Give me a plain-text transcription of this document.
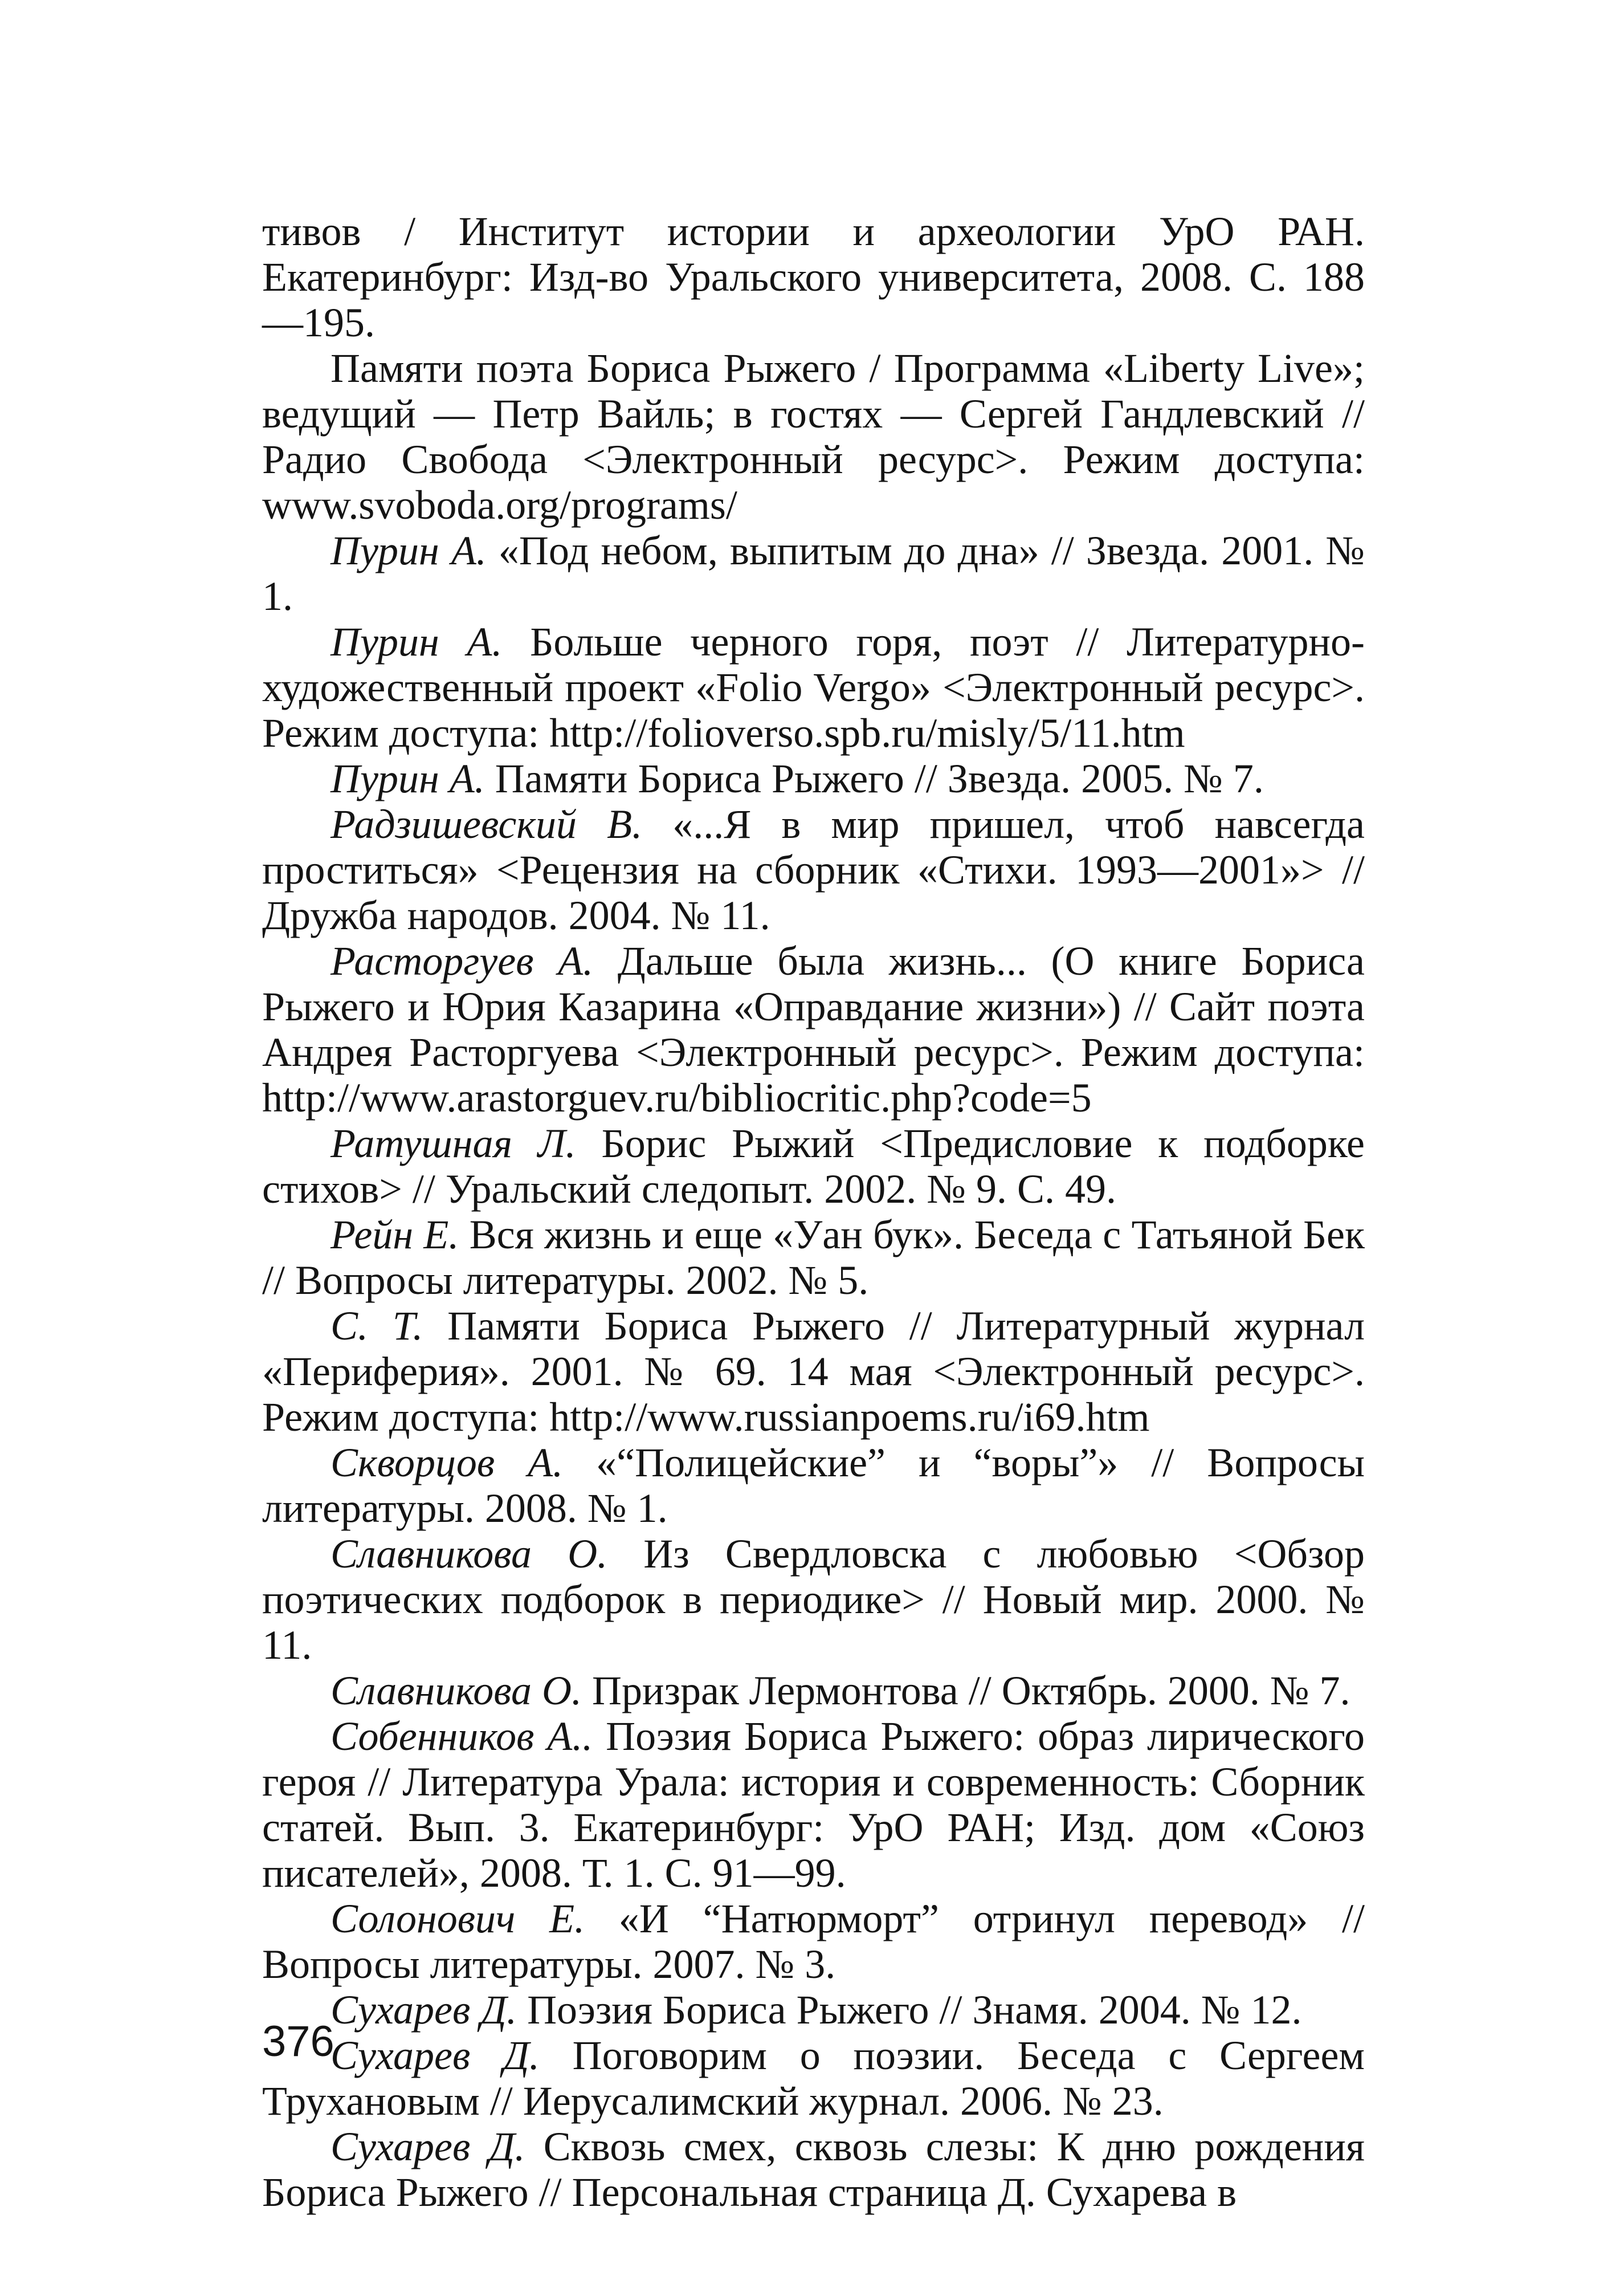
тивов / Институт истории и археологии УрО РАН. Екатеринбург: Изд-во Уральского университета, 2008. С. 188—195.

Памяти поэта Бориса Рыжего / Программа «Liberty Live»; ведущий — Петр Вайль; в гостях — Сергей Гандлевский // Радио Свобода <Электронный ресурс>. Режим доступа: www.svoboda.org/programs/

Пурин А. «Под небом, выпитым до дна» // Звезда. 2001. № 1.

Пурин А. Больше черного горя, поэт // Литературно-художественный проект «Folio Vergo» <Электронный ресурс>. Режим доступа: http://folioverso.spb.ru/misly/5/11.htm

Пурин А. Памяти Бориса Рыжего // Звезда. 2005. № 7.

Радзишевский В. «...Я в мир пришел, чтоб навсегда проститься» <Рецензия на сборник «Стихи. 1993—2001»> // Дружба народов. 2004. № 11.

Расторгуев А. Дальше была жизнь... (О книге Бориса Рыжего и Юрия Казарина «Оправдание жизни») // Сайт поэта Андрея Расторгуева <Электронный ресурс>. Режим доступа: http://www.arastorguev.ru/bibliocritic.php?code=5

Ратушная Л. Борис Рыжий <Предисловие к подборке стихов> // Уральский следопыт. 2002. № 9. С. 49.

Рейн Е. Вся жизнь и еще «Уан бук». Беседа с Татьяной Бек // Вопросы литературы. 2002. № 5.

С. Т. Памяти Бориса Рыжего // Литературный журнал «Периферия». 2001. № 69. 14 мая <Электронный ресурс>. Режим доступа: http://www.russianpoems.ru/i69.htm

Скворцов А. «“Полицейские” и “воры”» // Вопросы литературы. 2008. № 1.

Славникова О. Из Свердловска с любовью <Обзор поэтических подборок в периодике> // Новый мир. 2000. № 11.

Славникова О. Призрак Лермонтова // Октябрь. 2000. № 7.

Собенников А.. Поэзия Бориса Рыжего: образ лирического героя // Литература Урала: история и современность: Сборник статей. Вып. 3. Екатеринбург: УрО РАН; Изд. дом «Союз писателей», 2008. Т. 1. С. 91—99.

Солонович Е. «И “Натюрморт” отринул перевод» // Вопросы литературы. 2007. № 3.

Сухарев Д. Поэзия Бориса Рыжего // Знамя. 2004. № 12.

Сухарев Д. Поговорим о поэзии. Беседа с Сергеем Трухановым // Иерусалимский журнал. 2006. № 23.

Сухарев Д. Сквозь смех, сквозь слезы: К дню рождения Бориса Рыжего // Персональная страница Д. Сухарева в

376
